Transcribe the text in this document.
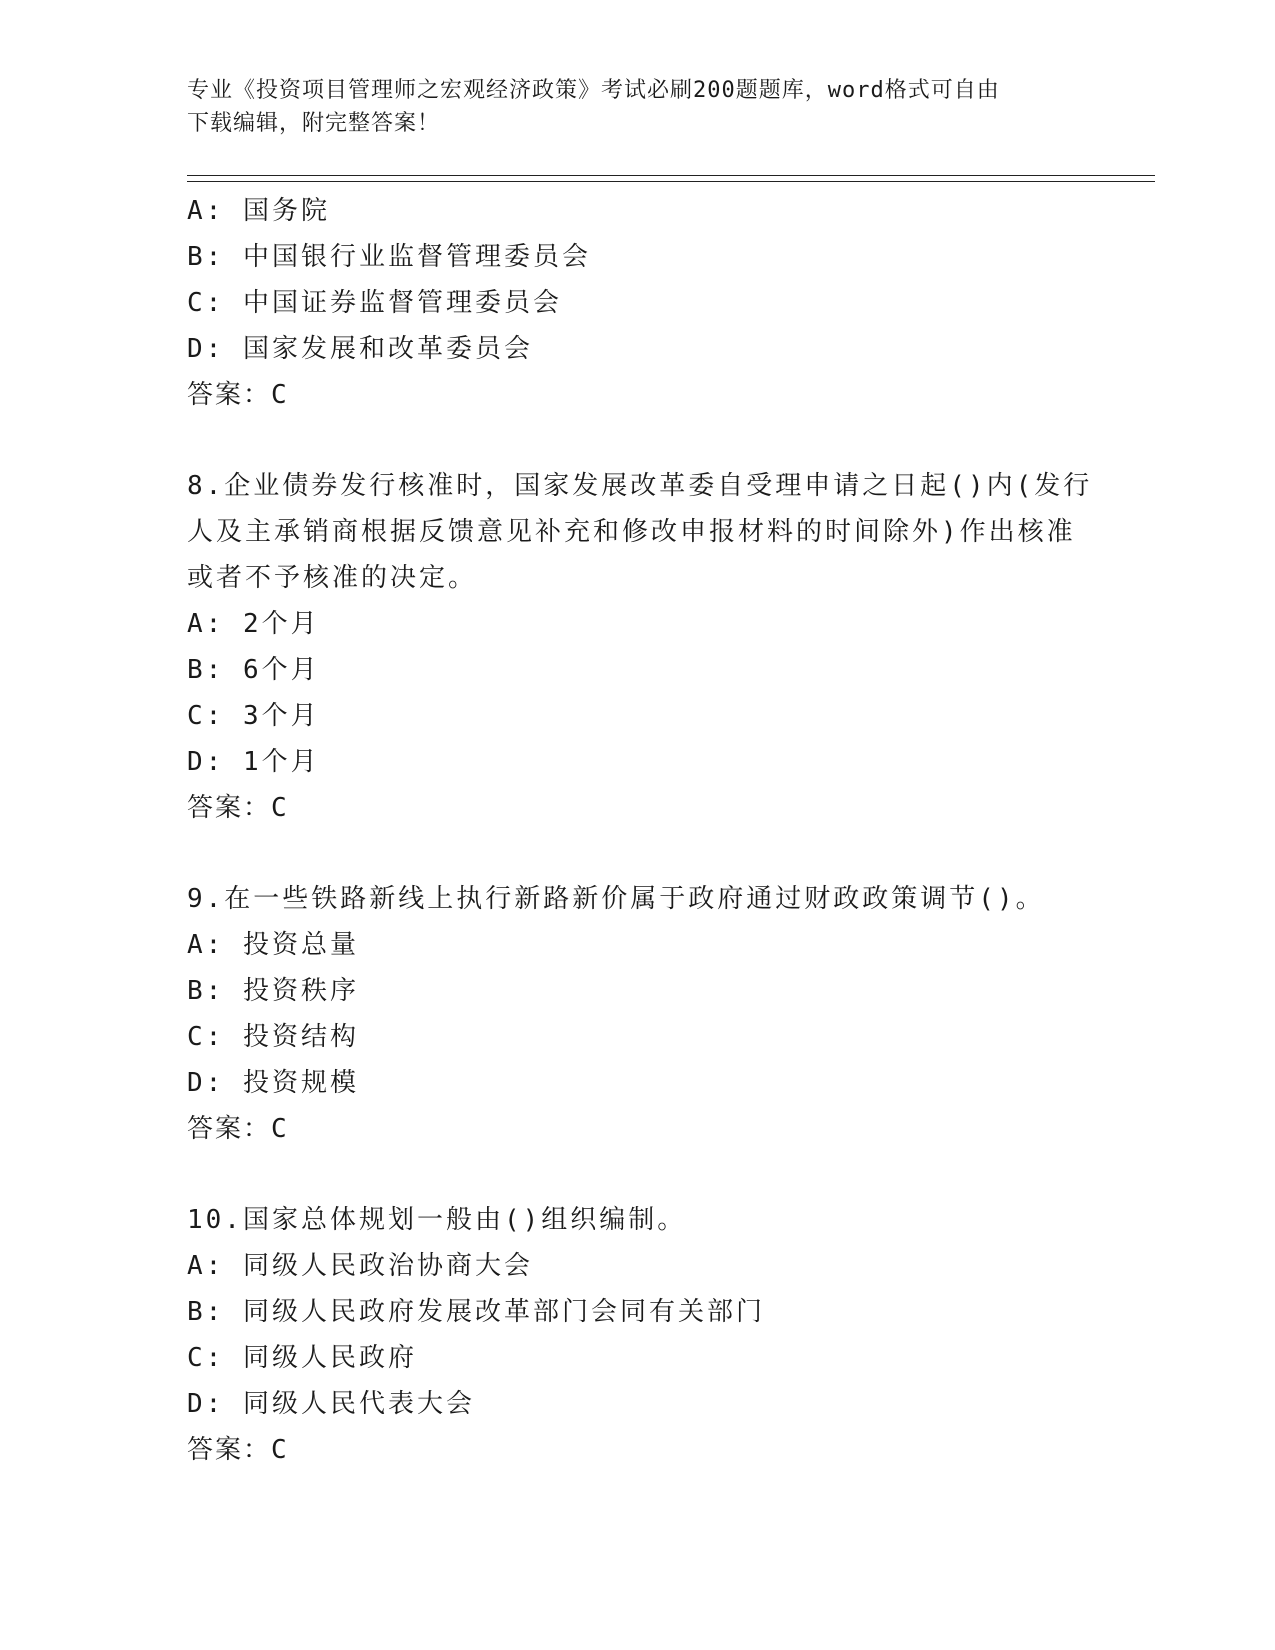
专业《投资项目管理师之宏观经济政策》考试必刷200题题库，word格式可自由
下载编辑，附完整答案！
A: 国务院
B: 中国银行业监督管理委员会
C: 中国证券监督管理委员会
D: 国家发展和改革委员会
答案：C
8.企业债券发行核准时，国家发展改革委自受理申请之日起()内(发行
人及主承销商根据反馈意见补充和修改申报材料的时间除外)作出核准
或者不予核准的决定。
A: 2个月
B: 6个月
C: 3个月
D: 1个月
答案：C
9.在一些铁路新线上执行新路新价属于政府通过财政政策调节()。
A: 投资总量
B: 投资秩序
C: 投资结构
D: 投资规模
答案：C
10.国家总体规划一般由()组织编制。
A: 同级人民政治协商大会
B: 同级人民政府发展改革部门会同有关部门
C: 同级人民政府
D: 同级人民代表大会
答案：C
